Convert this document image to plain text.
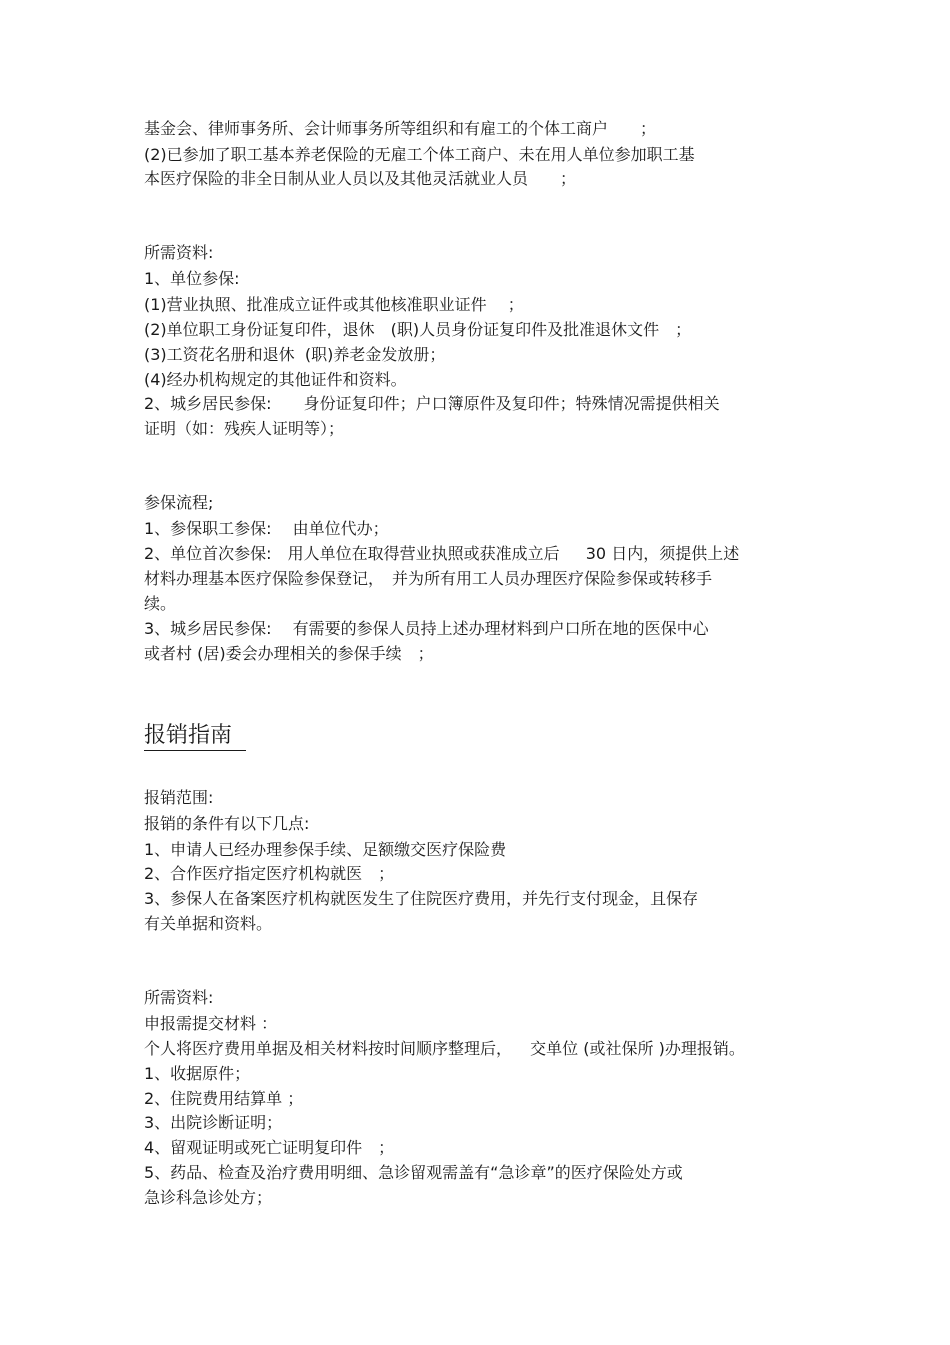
基金会、律师事务所、会计师事务所等组织和有雇工的个体工商户　　；
(2)已参加了职工基本养老保险的无雇工个体工商户、未在用人单位参加职工基
本医疗保险的非全日制从业人员以及其他灵活就业人员　　；
所需资料:
1、单位参保:
(1)营业执照、批准成立证件或其他核准职业证件　 ；
(2)单位职工身份证复印件，退休　(职)人员身份证复印件及批准退休文件　；
(3)工资花名册和退休  (职)养老金发放册；
(4)经办机构规定的其他证件和资料。
2、城乡居民参保:　　身份证复印件；户口簿原件及复印件；特殊情况需提供相关
证明（如：残疾人证明等）；
参保流程;
1、参保职工参保:　 由单位代办；
2、单位首次参保:　用人单位在取得营业执照或获准成立后　  30 日内，须提供上述
材料办理基本医疗保险参保登记，　并为所有用工人员办理医疗保险参保或转移手
续。
3、城乡居民参保:　 有需要的参保人员持上述办理材料到户口所在地的医保中心
或者村 (居)委会办理相关的参保手续　；
报销指南
报销范围:
报销的条件有以下几点:
1、申请人已经办理参保手续、足额缴交医疗保险费
2、合作医疗指定医疗机构就医　；
3、参保人在备案医疗机构就医发生了住院医疗费用，并先行支付现金，且保存
有关单据和资料。
所需资料:
申报需提交材料 ：
个人将医疗费用单据及相关材料按时间顺序整理后，　  交单位 (或社保所 )办理报销。
1、收据原件；
2、住院费用结算单 ；
3、出院诊断证明；
4、留观证明或死亡证明复印件　；
5、药品、检查及治疗费用明细、急诊留观需盖有“急诊章”的医疗保险处方或
急诊科急诊处方；
